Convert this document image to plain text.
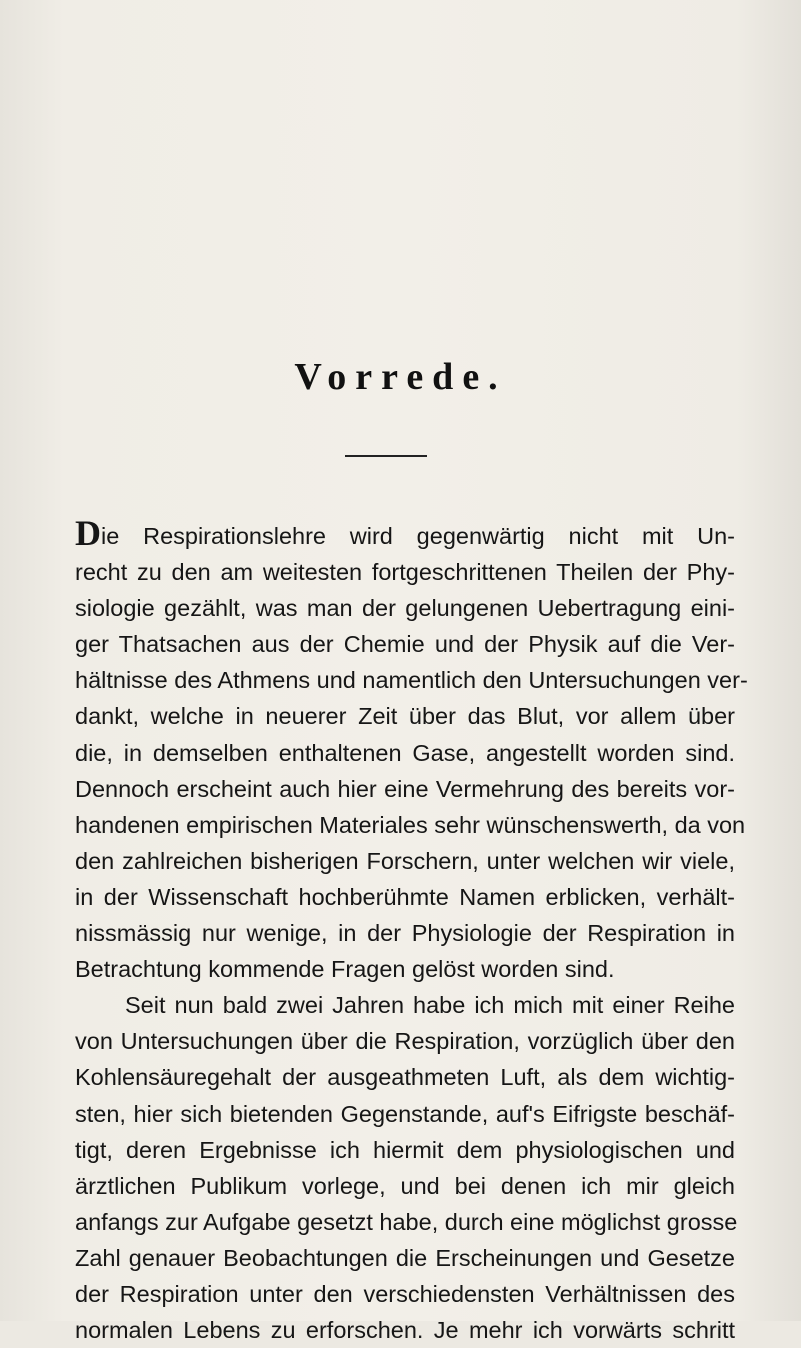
Vorrede.
Die Respirationslehre wird gegenwärtig nicht mit Un-
recht zu den am weitesten fortgeschrittenen Theilen der Phy-
siologie gezählt, was man der gelungenen Uebertragung eini-
ger Thatsachen aus der Chemie und der Physik auf die Ver-
hältnisse des Athmens und namentlich den Untersuchungen ver-
dankt, welche in neuerer Zeit über das Blut, vor allem über
die, in demselben enthaltenen Gase, angestellt worden sind.
Dennoch erscheint auch hier eine Vermehrung des bereits vor-
handenen empirischen Materiales sehr wünschenswerth, da von
den zahlreichen bisherigen Forschern, unter welchen wir viele,
in der Wissenschaft hochberühmte Namen erblicken, verhält-
nissmässig nur wenige, in der Physiologie der Respiration in
Betrachtung kommende Fragen gelöst worden sind.
Seit nun bald zwei Jahren habe ich mich mit einer Reihe
von Untersuchungen über die Respiration, vorzüglich über den
Kohlensäuregehalt der ausgeathmeten Luft, als dem wichtig-
sten, hier sich bietenden Gegenstande, auf's Eifrigste beschäf-
tigt, deren Ergebnisse ich hiermit dem physiologischen und
ärztlichen Publikum vorlege, und bei denen ich mir gleich
anfangs zur Aufgabe gesetzt habe, durch eine möglichst grosse
Zahl genauer Beobachtungen die Erscheinungen und Gesetze
der Respiration unter den verschiedensten Verhältnissen des
normalen Lebens zu erforschen. Je mehr ich vorwärts schritt
